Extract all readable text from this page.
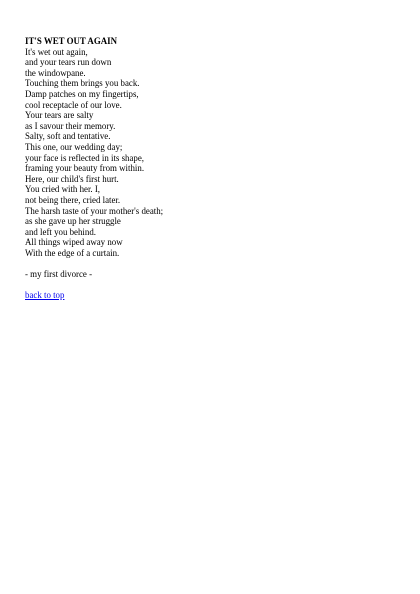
IT'S WET OUT AGAIN
It's wet out again,
and your tears run down
the windowpane.
Touching them brings you back.
Damp patches on my fingertips,
cool receptacle of our love.
Your tears are salty
as I savour their memory.
Salty, soft and tentative.
This one, our wedding day;
your face is reflected in its shape,
framing your beauty from within.
Here, our child's first hurt.
You cried with her. I,
not being there, cried later.
The harsh taste of your mother's death;
as she gave up her struggle
and left you behind.
All things wiped away now
With the edge of a curtain.
- my first divorce -
back to top
